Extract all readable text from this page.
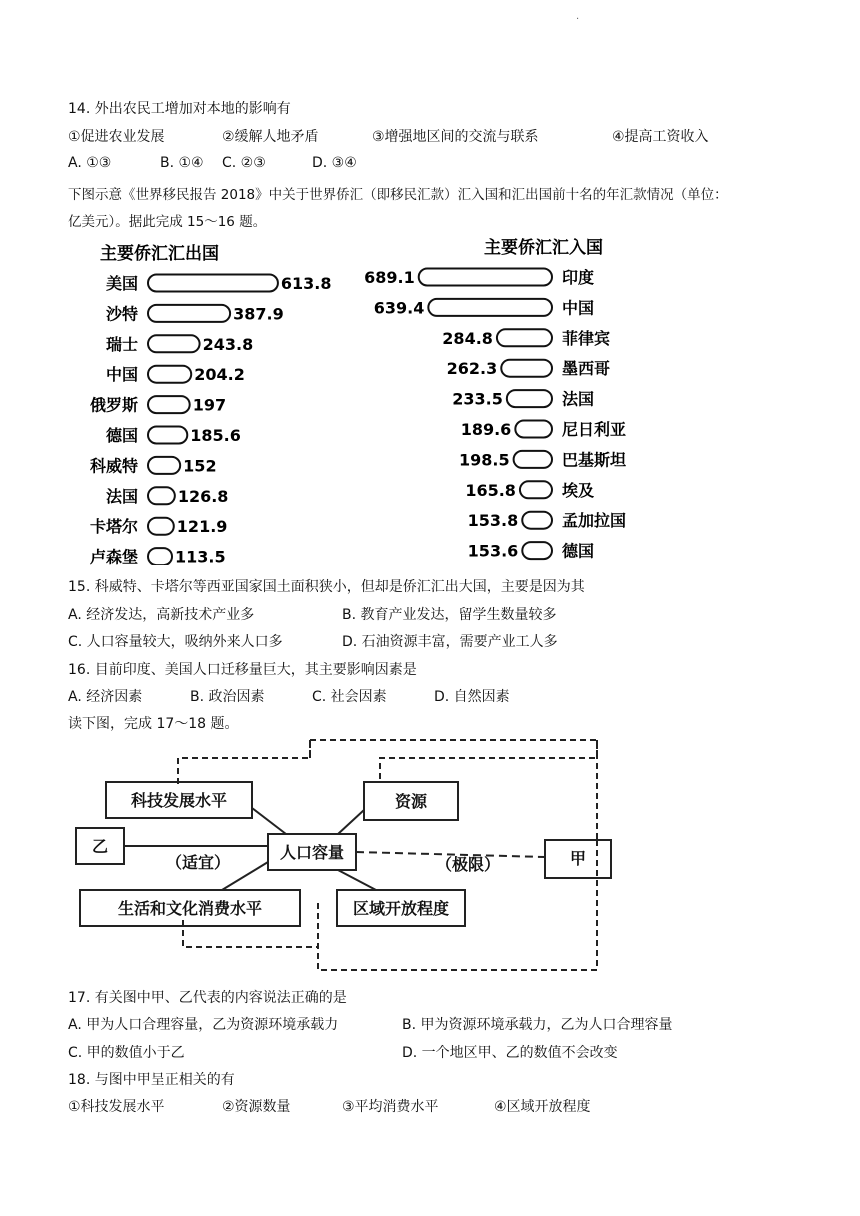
·
14. 外出农民工增加对本地的影响有
①促进农业发展	②缓解人地矛盾	③增强地区间的交流与联系	④提高工资收入
A. ①③	B. ①④ C. ②③	D. ③④
下图示意《世界移民报告 2018》中关于世界侨汇（即移民汇款）汇入国和汇出国前十名的年汇款情况（单位：
亿美元）。据此完成 15～16 题。
主要侨汇汇出国	主要侨汇汇入国
美国	613.8
沙特	387.9
瑞士	243.8
中国	204.2
俄罗斯	197
德国	185.6
科威特	152
法国 126.8
卡塔尔 121.9
卢森堡 113.5
689.1	印度
639.4	中国
284.8	菲律宾
262.3	墨西哥
233.5	法国
189.6	尼日利亚
198.5	巴基斯坦
165.8	埃及
153.8	孟加拉国
153.6	德国
15. 科威特、卡塔尔等西亚国家国土面积狭小，但却是侨汇汇出大国，主要是因为其
A. 经济发达，高新技术产业多	B. 教育产业发达，留学生数量较多
C. 人口容量较大，吸纳外来人口多	D. 石油资源丰富，需要产业工人多
16. 目前印度、美国人口迁移量巨大，其主要影响因素是
A. 经济因素	B. 政治因素	C. 社会因素	D. 自然因素
读下图，完成 17～18 题。
科技发展水平	资源
乙
（适宜）
人口容量
（极限）	甲
生活和文化消费水平	区域开放程度
17. 有关图中甲、乙代表的内容说法正确的是
A. 甲为人口合理容量，乙为资源环境承载力	B. 甲为资源环境承载力，乙为人口合理容量
C. 甲的数值小于乙	D. 一个地区甲、乙的数值不会改变
18. 与图中甲呈正相关的有
①科技发展水平	②资源数量	③平均消费水平	④区域开放程度
